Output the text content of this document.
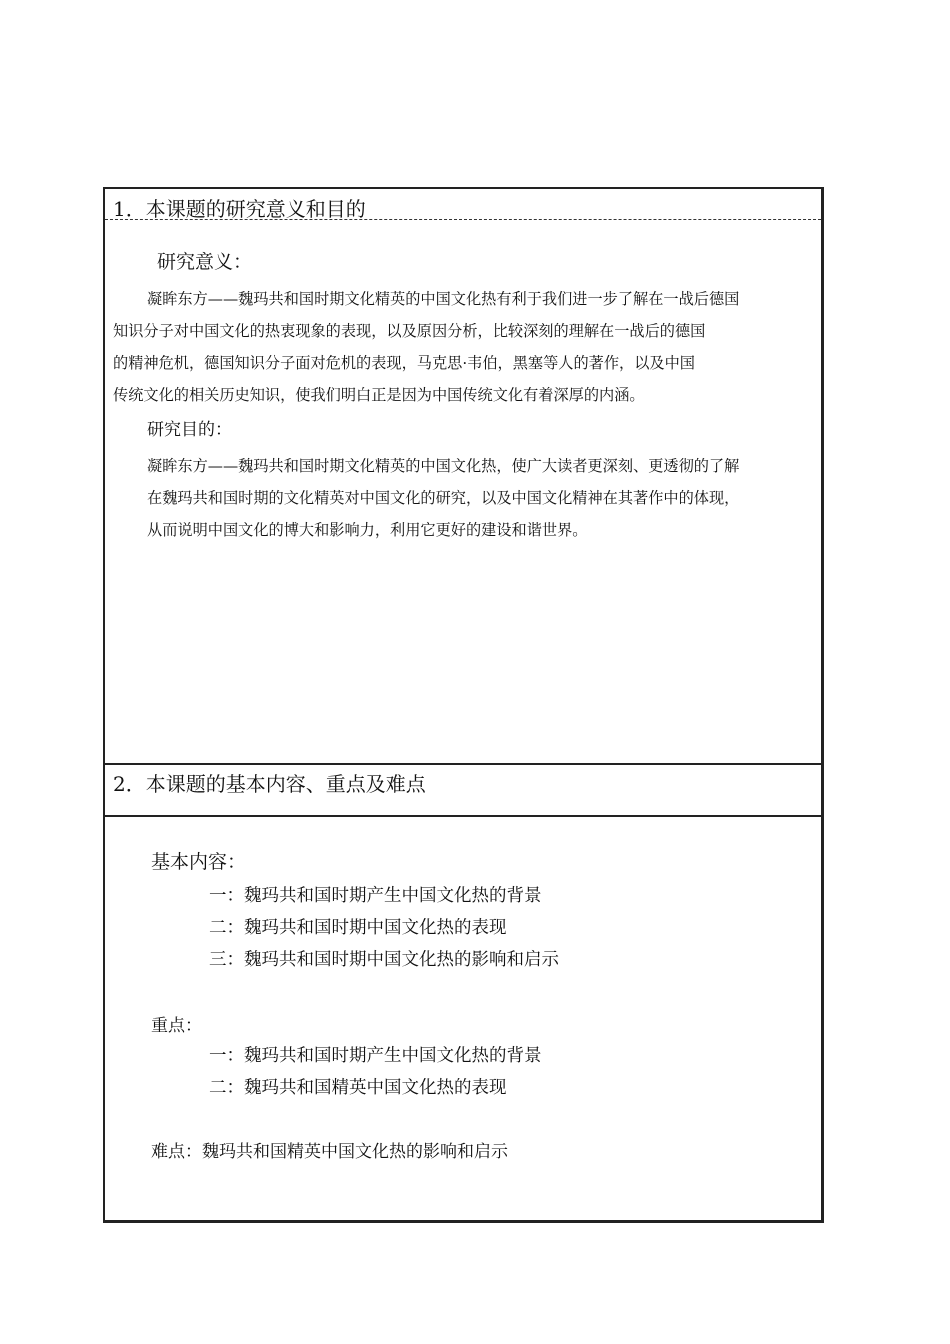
1．本课题的研究意义和目的
研究意义：
凝眸东方——魏玛共和国时期文化精英的中国文化热有利于我们进一步了解在一战后德国
知识分子对中国文化的热衷现象的表现，以及原因分析，比较深刻的理解在一战后的德国
的精神危机，德国知识分子面对危机的表现，马克思·韦伯，黑塞等人的著作，以及中国
传统文化的相关历史知识，使我们明白正是因为中国传统文化有着深厚的内涵。
研究目的：
凝眸东方——魏玛共和国时期文化精英的中国文化热，使广大读者更深刻、更透彻的了解
在魏玛共和国时期的文化精英对中国文化的研究，以及中国文化精神在其著作中的体现，
从而说明中国文化的博大和影响力，利用它更好的建设和谐世界。
2．本课题的基本内容、重点及难点
基本内容：
一：魏玛共和国时期产生中国文化热的背景
二：魏玛共和国时期中国文化热的表现
三：魏玛共和国时期中国文化热的影响和启示
重点：
一：魏玛共和国时期产生中国文化热的背景
二：魏玛共和国精英中国文化热的表现
难点：魏玛共和国精英中国文化热的影响和启示
